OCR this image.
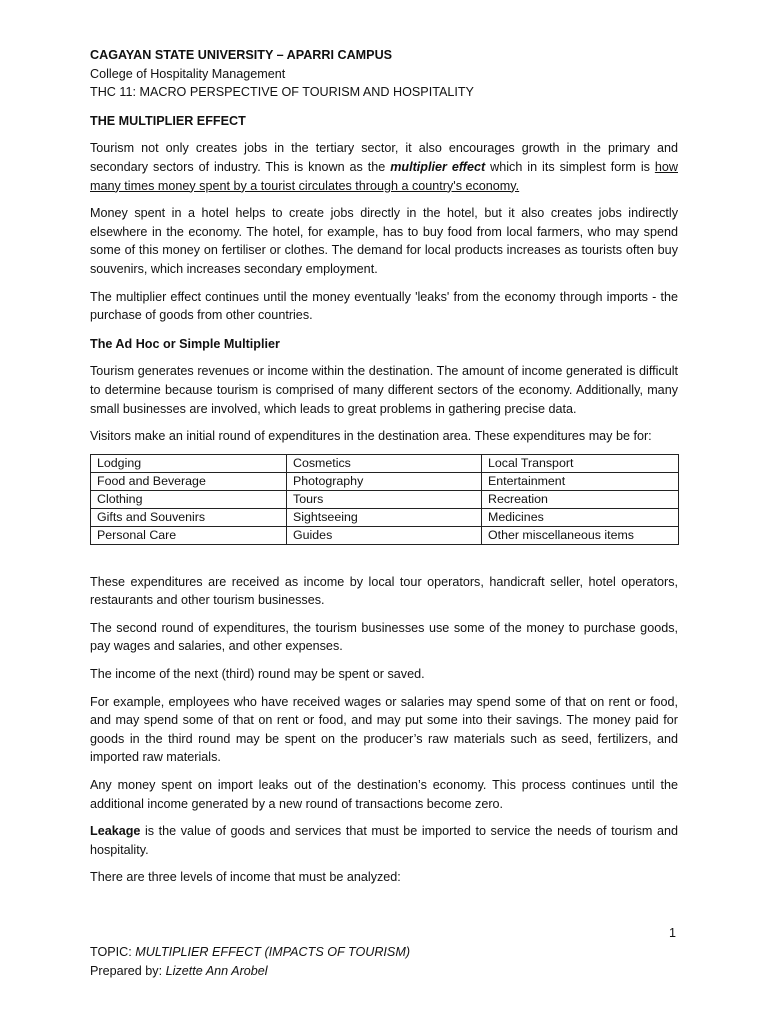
CAGAYAN STATE UNIVERSITY – APARRI CAMPUS
College of Hospitality Management
THC 11: MACRO PERSPECTIVE OF TOURISM AND HOSPITALITY
THE MULTIPLIER EFFECT

Tourism not only creates jobs in the tertiary sector, it also encourages growth in the primary and secondary sectors of industry. This is known as the multiplier effect which in its simplest form is how many times money spent by a tourist circulates through a country's economy.

Money spent in a hotel helps to create jobs directly in the hotel, but it also creates jobs indirectly elsewhere in the economy. The hotel, for example, has to buy food from local farmers, who may spend some of this money on fertiliser or clothes. The demand for local products increases as tourists often buy souvenirs, which increases secondary employment.

The multiplier effect continues until the money eventually 'leaks' from the economy through imports - the purchase of goods from other countries.

The Ad Hoc or Simple Multiplier

Tourism generates revenues or income within the destination. The amount of income generated is difficult to determine because tourism is comprised of many different sectors of the economy. Additionally, many small businesses are involved, which leads to great problems in gathering precise data.

Visitors make an initial round of expenditures in the destination area. These expenditures may be for:

Lodging	Cosmetics	Local Transport
Food and Beverage	Photography	Entertainment
Clothing	Tours	Recreation
Gifts and Souvenirs	Sightseeing	Medicines
Personal Care	Guides	Other miscellaneous items

These expenditures are received as income by local tour operators, handicraft seller, hotel operators, restaurants and other tourism businesses.

The second round of expenditures, the tourism businesses use some of the money to purchase goods, pay wages and salaries, and other expenses.

The income of the next (third) round may be spent or saved.

For example, employees who have received wages or salaries may spend some of that on rent or food, and may spend some of that on rent or food, and may put some into their savings. The money paid for goods in the third round may be spent on the producer’s raw materials such as seed, fertilizers, and imported raw materials.

Any money spent on import leaks out of the destination’s economy. This process continues until the additional income generated by a new round of transactions become zero.

Leakage is the value of goods and services that must be imported to service the needs of tourism and hospitality.

There are three levels of income that must be analyzed:

1
TOPIC: MULTIPLIER EFFECT (IMPACTS OF TOURISM)
Prepared by: Lizette Ann Arobel
